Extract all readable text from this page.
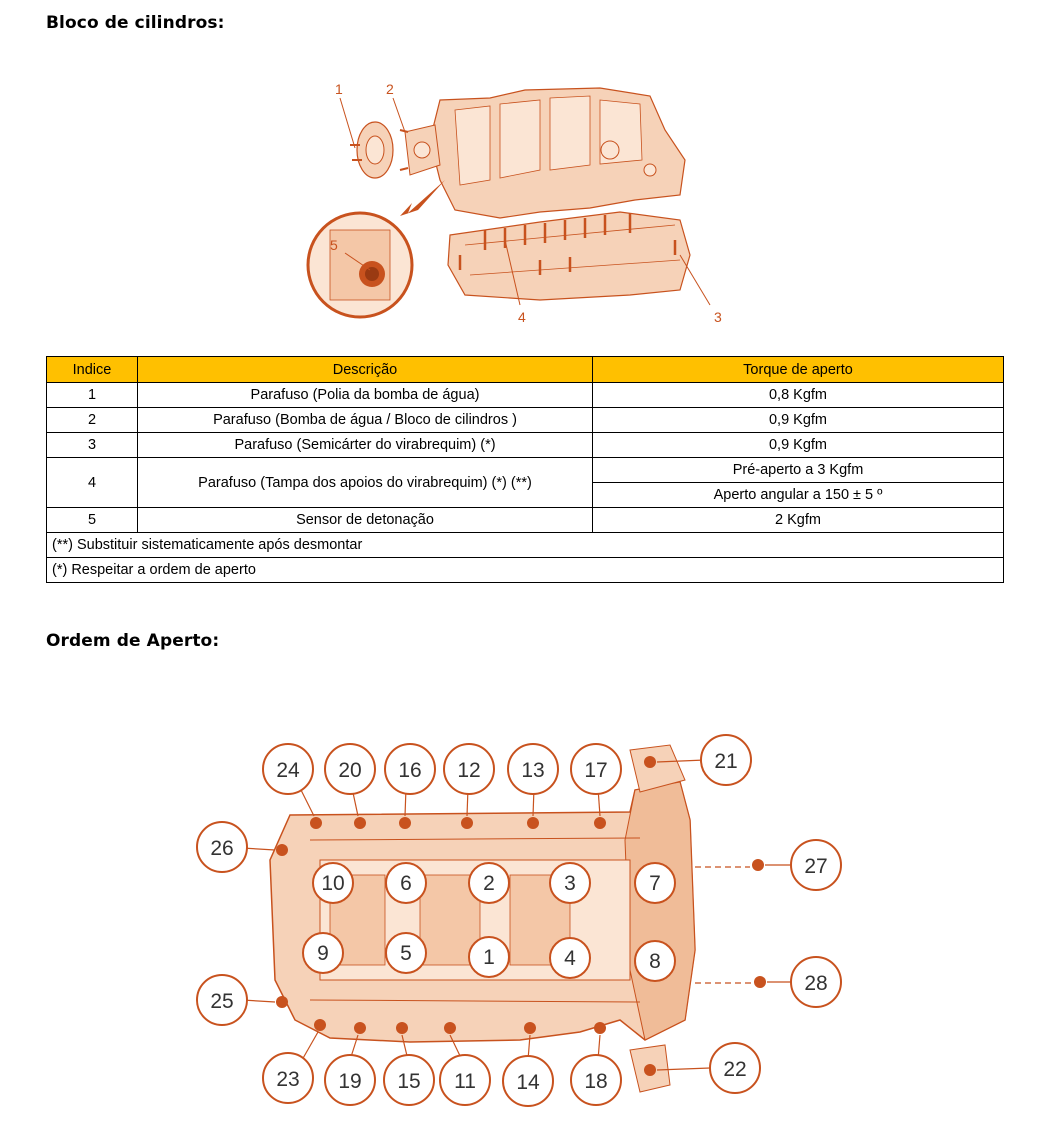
Bloco de cilindros:
1	2
3
4
5
Indice	Descrição	Torque de aperto
1	Parafuso (Polia da bomba de água)	0,8 Kgfm
2	Parafuso (Bomba de água / Bloco de cilindros )	0,9 Kgfm
3	Parafuso (Semicárter do virabrequim) (*)	0,9 Kgfm
4	Parafuso (Tampa dos apoios do virabrequim) (*) (**)	Pré-aperto a 3 Kgfm
		Aperto angular a 150 ± 5 º
5	Sensor de detonação	2 Kgfm
(**) Substituir sistematicamente após desmontar		
(*) Respeitar a ordem de aperto		
Ordem de Aperto:
24 20 16 12 13 17
23 19 15 11 14 18
26
25
21
27
28
22
10	6	2	3	7
9	5	1	4	8
